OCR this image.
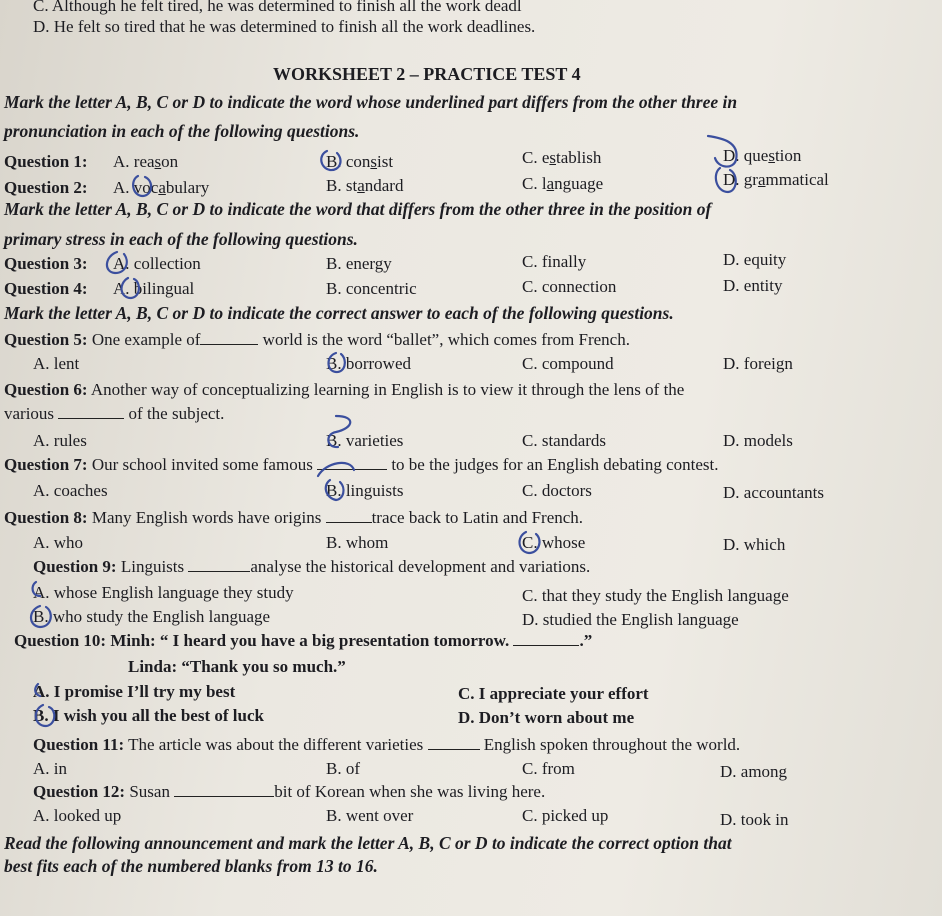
C. Although he felt tired, he was determined to finish all the work deadl
D. He felt so tired that he was determined to finish all the work deadlines.
WORKSHEET 2 – PRACTICE TEST 4
Mark the letter A, B, C or D to indicate the word whose underlined part differs from the other three in
pronunciation in each of the following questions.
Question 1: A. reason	B. consist	C. establish	D. question
Question 2: A. vocabulary	B. standard	C. language	D. grammatical
Mark the letter A, B, C or D to indicate the word that differs from the other three in the position of
primary stress in each of the following questions.
Question 3: A. collection	B. energy	C. finally	D. equity
Question 4: A. bilingual	B. concentric	C. connection	D. entity
Mark the letter A, B, C or D to indicate the correct answer to each of the following questions.
Question 5: One example of	world is the word “ballet”, which comes from French.
A. lent	B. borrowed	C. compound	D. foreign
Question 6: Another way of conceptualizing learning in English is to view it through the lens of the
various	of the subject.
A. rules	B. varieties	C. standards	D. models
Question 7: Our school invited some famous	to be the judges for an English debating contest.
A. coaches	B. linguists	C. doctors	D. accountants
Question 8: Many English words have origins	trace back to Latin and French.
A. who	B. whom	C. whose	D. which
Question 9: Linguists	analyse the historical development and variations.
A. whose English language they study	C. that they study the English language
B. who study the English language	D. studied the English language
Question 10: Minh: “ I heard you have a big presentation tomorrow.	.”
Linda: “Thank you so much.”
A. I promise I’ll try my best	C. I appreciate your effort
B. I wish you all the best of luck	D. Don’t worn about me
Question 11: The article was about the different varieties	English spoken throughout the world.
A. in	B. of	C. from	D. among
Question 12: Susan	bit of Korean when she was living here.
A. looked up	B. went over	C. picked up	D. took in
Read the following announcement and mark the letter A, B, C or D to indicate the correct option that
best fits each of the numbered blanks from 13 to 16.
